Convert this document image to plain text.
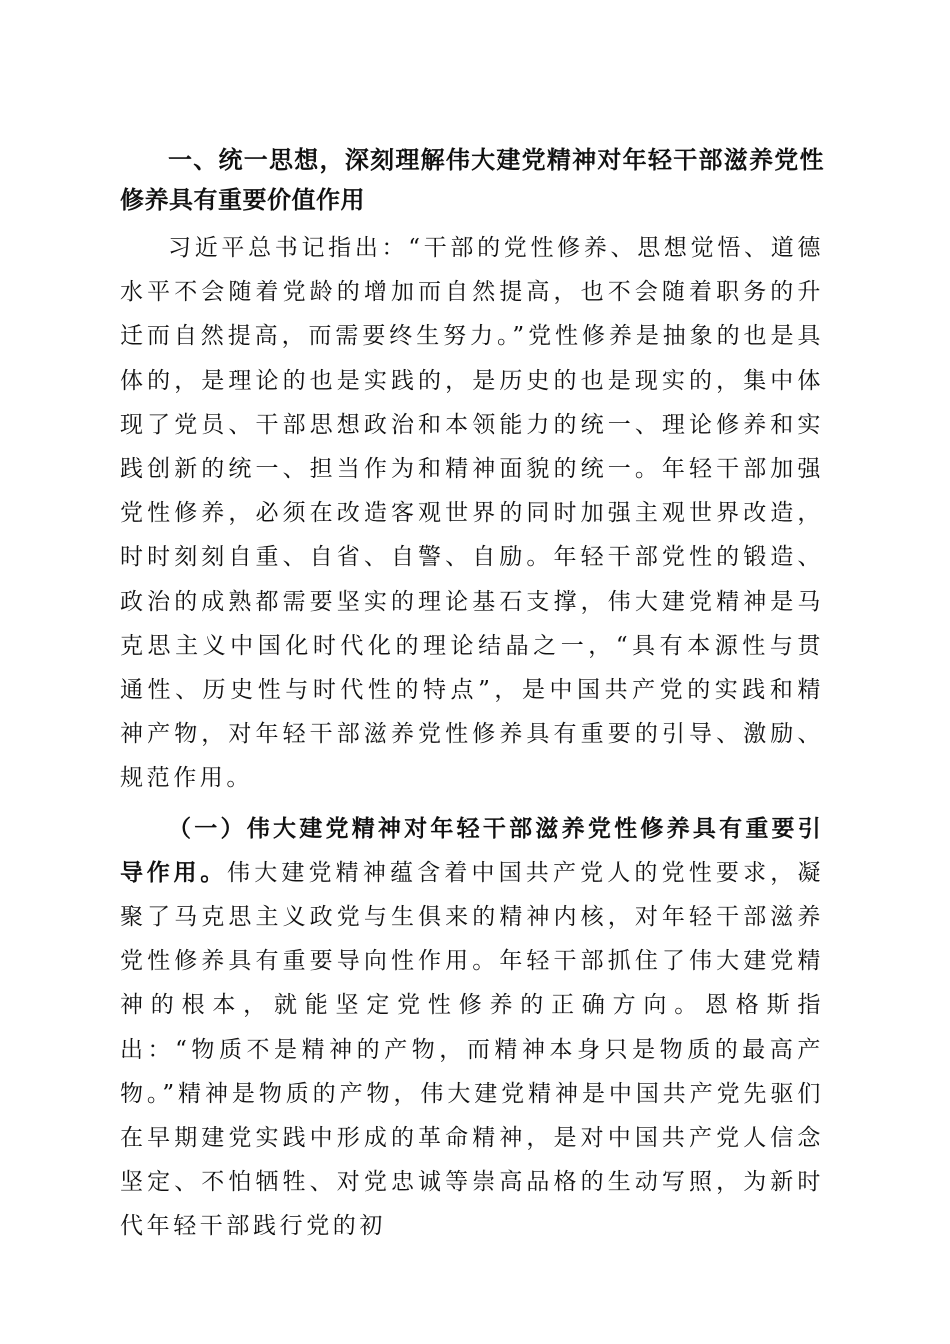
一、统一思想，深刻理解伟大建党精神对年轻干部滋养党性修养具有重要价值作用

习近平总书记指出：“干部的党性修养、思想觉悟、道德水平不会随着党龄的增加而自然提高，也不会随着职务的升迁而自然提高，而需要终生努力。”党性修养是抽象的也是具体的，是理论的也是实践的，是历史的也是现实的，集中体现了党员、干部思想政治和本领能力的统一、理论修养和实践创新的统一、担当作为和精神面貌的统一。年轻干部加强党性修养，必须在改造客观世界的同时加强主观世界改造，时时刻刻自重、自省、自警、自励。年轻干部党性的锻造、政治的成熟都需要坚实的理论基石支撑，伟大建党精神是马克思主义中国化时代化的理论结晶之一，“具有本源性与贯通性、历史性与时代性的特点”，是中国共产党的实践和精神产物，对年轻干部滋养党性修养具有重要的引导、激励、规范作用。

（一）伟大建党精神对年轻干部滋养党性修养具有重要引导作用。伟大建党精神蕴含着中国共产党人的党性要求，凝聚了马克思主义政党与生俱来的精神内核，对年轻干部滋养党性修养具有重要导向性作用。年轻干部抓住了伟大建党精神的根本，就能坚定党性修养的正确方向。恩格斯指出：“物质不是精神的产物，而精神本身只是物质的最高产物。”精神是物质的产物，伟大建党精神是中国共产党先驱们在早期建党实践中形成的革命精神，是对中国共产党人信念坚定、不怕牺牲、对党忠诚等崇高品格的生动写照，为新时代年轻干部践行党的初
